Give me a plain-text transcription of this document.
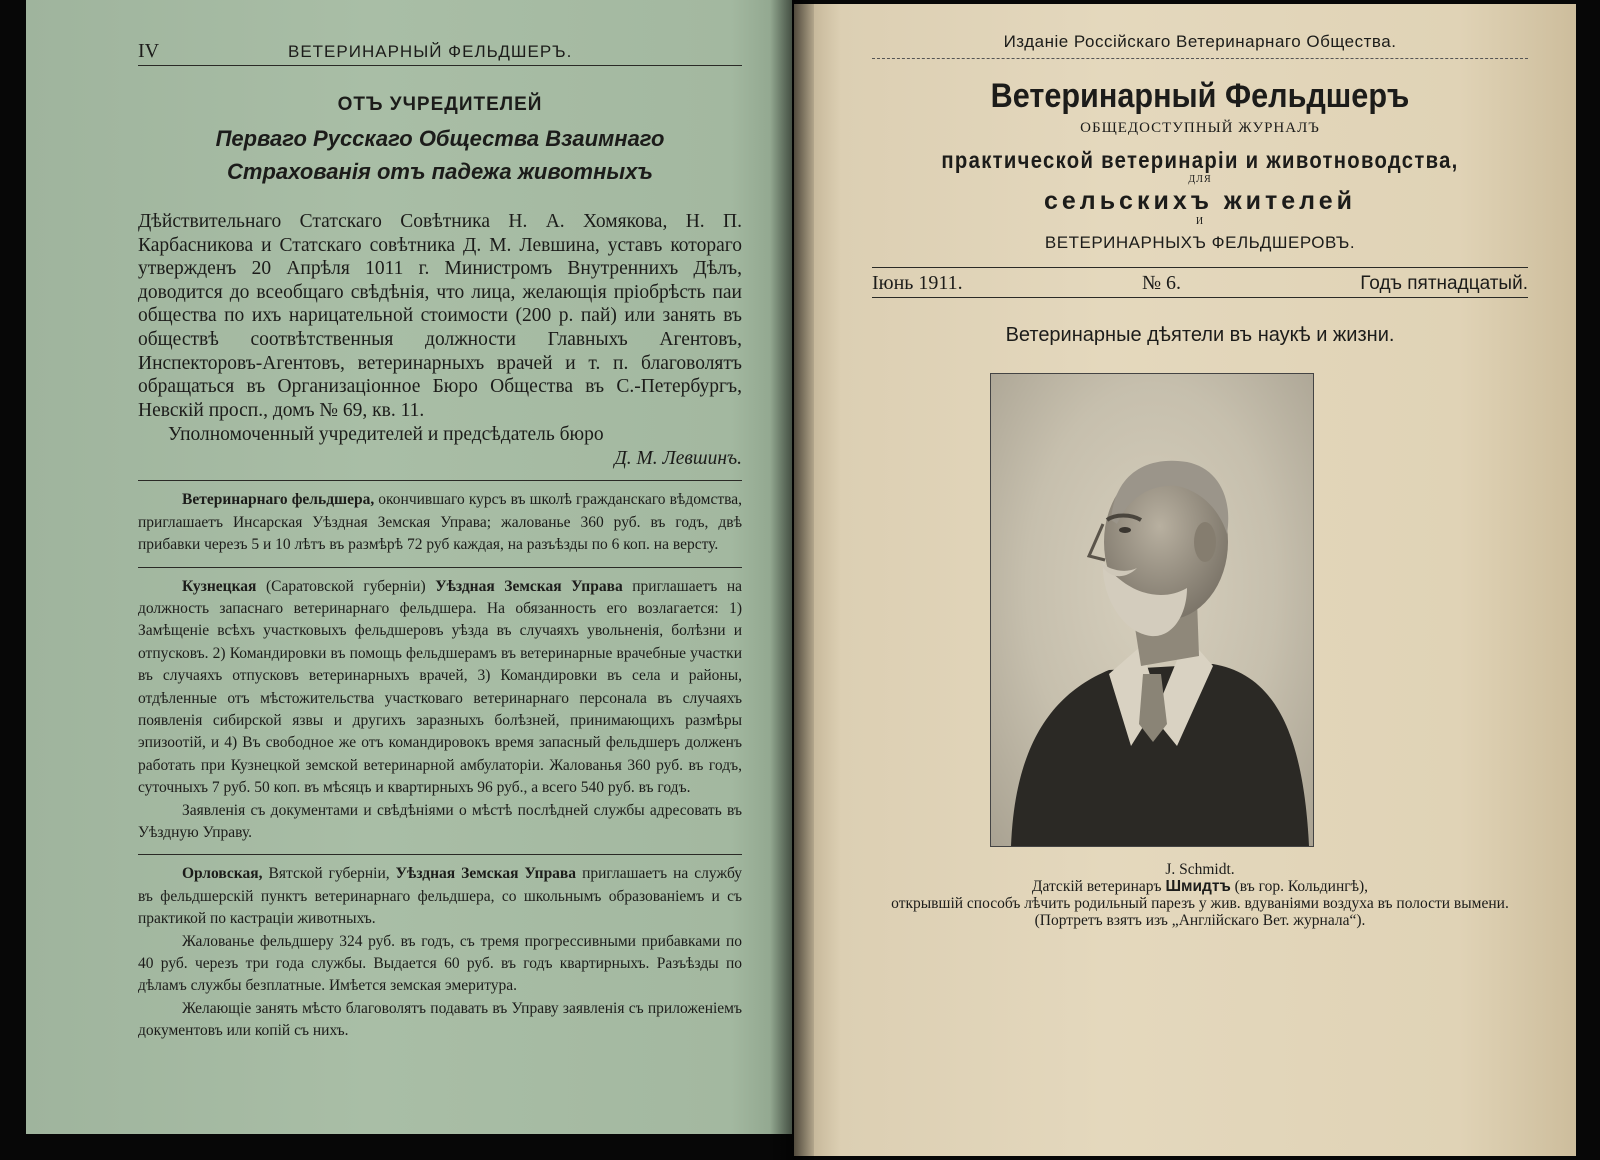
IV	ВЕТЕРИНАРНЫЙ ФЕЛЬДШЕРЪ.
ОТЪ УЧРЕДИТЕЛЕЙ
Перваго Русскаго Общества Взаимнаго Страхованія отъ падежа животныхъ

Дѣйствительнаго Статскаго Совѣтника Н. А. Хомякова, Н. П. Карбасникова и Статскаго совѣтника Д. М. Левшина, уставъ котораго утвержденъ 20 Апрѣля 1011 г. Министромъ Внутреннихъ Дѣлъ, доводится до всеобщаго свѣдѣнія, что лица, желающія пріобрѣсть паи общества по ихъ нарицательной стоимости (200 р. пай) или занять въ обществѣ соотвѣтственныя должности Главныхъ Агентовъ, Инспекторовъ-Агентовъ, ветеринарныхъ врачей и т. п. благоволятъ обращаться въ Организаціонное Бюро Общества въ С.-Петербургъ, Невскій просп., домъ № 69, кв. 11.

Уполномоченный учредителей и предсѣдатель бюро
Д. М. Левшинъ.

Ветеринарнаго фельдшера, окончившаго курсъ въ школѣ гражданскаго вѣдомства, приглашаетъ Инсарская Уѣздная Земская Управа; жалованье 360 руб. въ годъ, двѣ прибавки черезъ 5 и 10 лѣтъ въ размѣрѣ 72 руб каждая, на разъѣзды по 6 коп. на версту.

Кузнецкая (Саратовской губерніи) Уѣздная Земская Управа приглашаетъ на должность запаснаго ветеринарнаго фельдшера. На обязанность его возлагается: 1) Замѣщеніе всѣхъ участковыхъ фельдшеровъ уѣзда въ случаяхъ увольненія, болѣзни и отпусковъ. 2) Командировки въ помощь фельдшерамъ въ ветеринарные врачебные участки въ случаяхъ отпусковъ ветеринарныхъ врачей, 3) Командировки въ села и районы, отдѣленные отъ мѣстожительства участковаго ветеринарнаго персонала въ случаяхъ появленія сибирской язвы и другихъ заразныхъ болѣзней, принимающихъ размѣры эпизоотій, и 4) Въ свободное же отъ командировокъ время запасный фельдшеръ долженъ работать при Кузнецкой земской ветеринарной амбулаторіи. Жалованья 360 руб. въ годъ, суточныхъ 7 руб. 50 коп. въ мѣсяцъ и квартирныхъ 96 руб., а всего 540 руб. въ годъ.

Заявленія съ документами и свѣдѣніями о мѣстѣ послѣдней службы адресовать въ Уѣздную Управу.

Орловская, Вятской губерніи, Уѣздная Земская Управа приглашаетъ на службу въ фельдшерскій пунктъ ветеринарнаго фельдшера, со школьнымъ образованіемъ и съ практикой по кастраціи животныхъ.

Жалованье фельдшеру 324 руб. въ годъ, съ тремя прогрессивными прибавками по 40 руб. черезъ три года службы. Выдается 60 руб. въ годъ квартирныхъ. Разъѣзды по дѣламъ службы безплатные. Имѣется земская эмеритура.

Желающіе занять мѣсто благоволятъ подавать въ Управу заявленія съ приложеніемъ документовъ или копій съ нихъ.

Изданіе Россійскаго Ветеринарнаго Общества.
Ветеринарный Фельдшеръ
ОБЩЕДОСТУПНЫЙ ЖУРНАЛЪ
практической ветеринаріи и животноводства,
ДЛЯ
сельскихъ жителей
И
ВЕТЕРИНАРНЫХЪ ФЕЛЬДШЕРОВЪ.
Іюнь 1911.	№ 6.	Годъ пятнадцатый.
Ветеринарные дѣятели въ наукѣ и жизни.
J. Schmidt.
Датскій ветеринаръ Шмидтъ (въ гор. Кольдингѣ),
открывшій способъ лѣчить родильный парезъ у жив. вдуваніями воздуха въ полости вымени.
(Портретъ взятъ изъ „Англійскаго Вет. журнала“).
